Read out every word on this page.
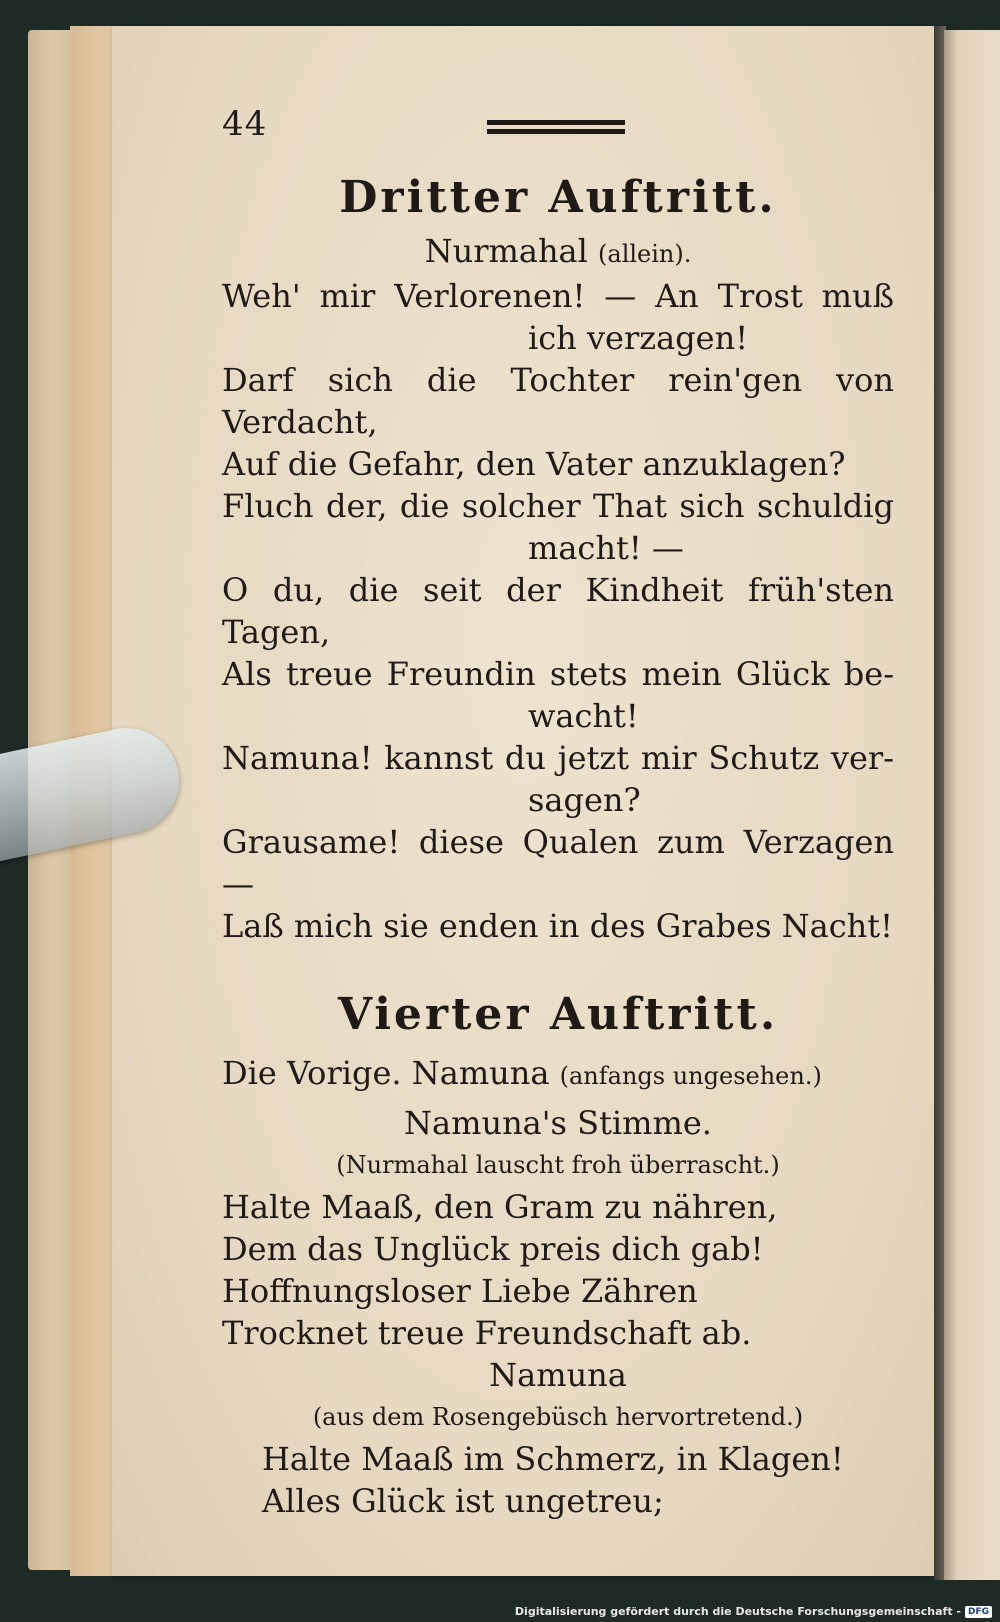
44
Dritter Auftritt.
Nurmahal (allein).
Weh' mir Verlorenen! — An Trost muß
ich verzagen!
Darf sich die Tochter rein'gen von Verdacht,
Auf die Gefahr, den Vater anzuklagen?
Fluch der, die solcher That sich schuldig
macht! —
O du, die seit der Kindheit früh'sten Tagen,
Als treue Freundin stets mein Glück be-
wacht!
Namuna! kannst du jetzt mir Schutz ver-
sagen?
Grausame! diese Qualen zum Verzagen —
Laß mich sie enden in des Grabes Nacht!
Vierter Auftritt.
Die Vorige. Namuna (anfangs ungesehen.)
Namuna's Stimme.
(Nurmahal lauscht froh überrascht.)
Halte Maaß, den Gram zu nähren,
Dem das Unglück preis dich gab!
Hoffnungsloser Liebe Zähren
Trocknet treue Freundschaft ab.
Namuna
(aus dem Rosengebüsch hervortretend.)
Halte Maaß im Schmerz, in Klagen!
Alles Glück ist ungetreu;
Digitalisierung gefördert durch die Deutsche Forschungsgemeinschaft - DFG
